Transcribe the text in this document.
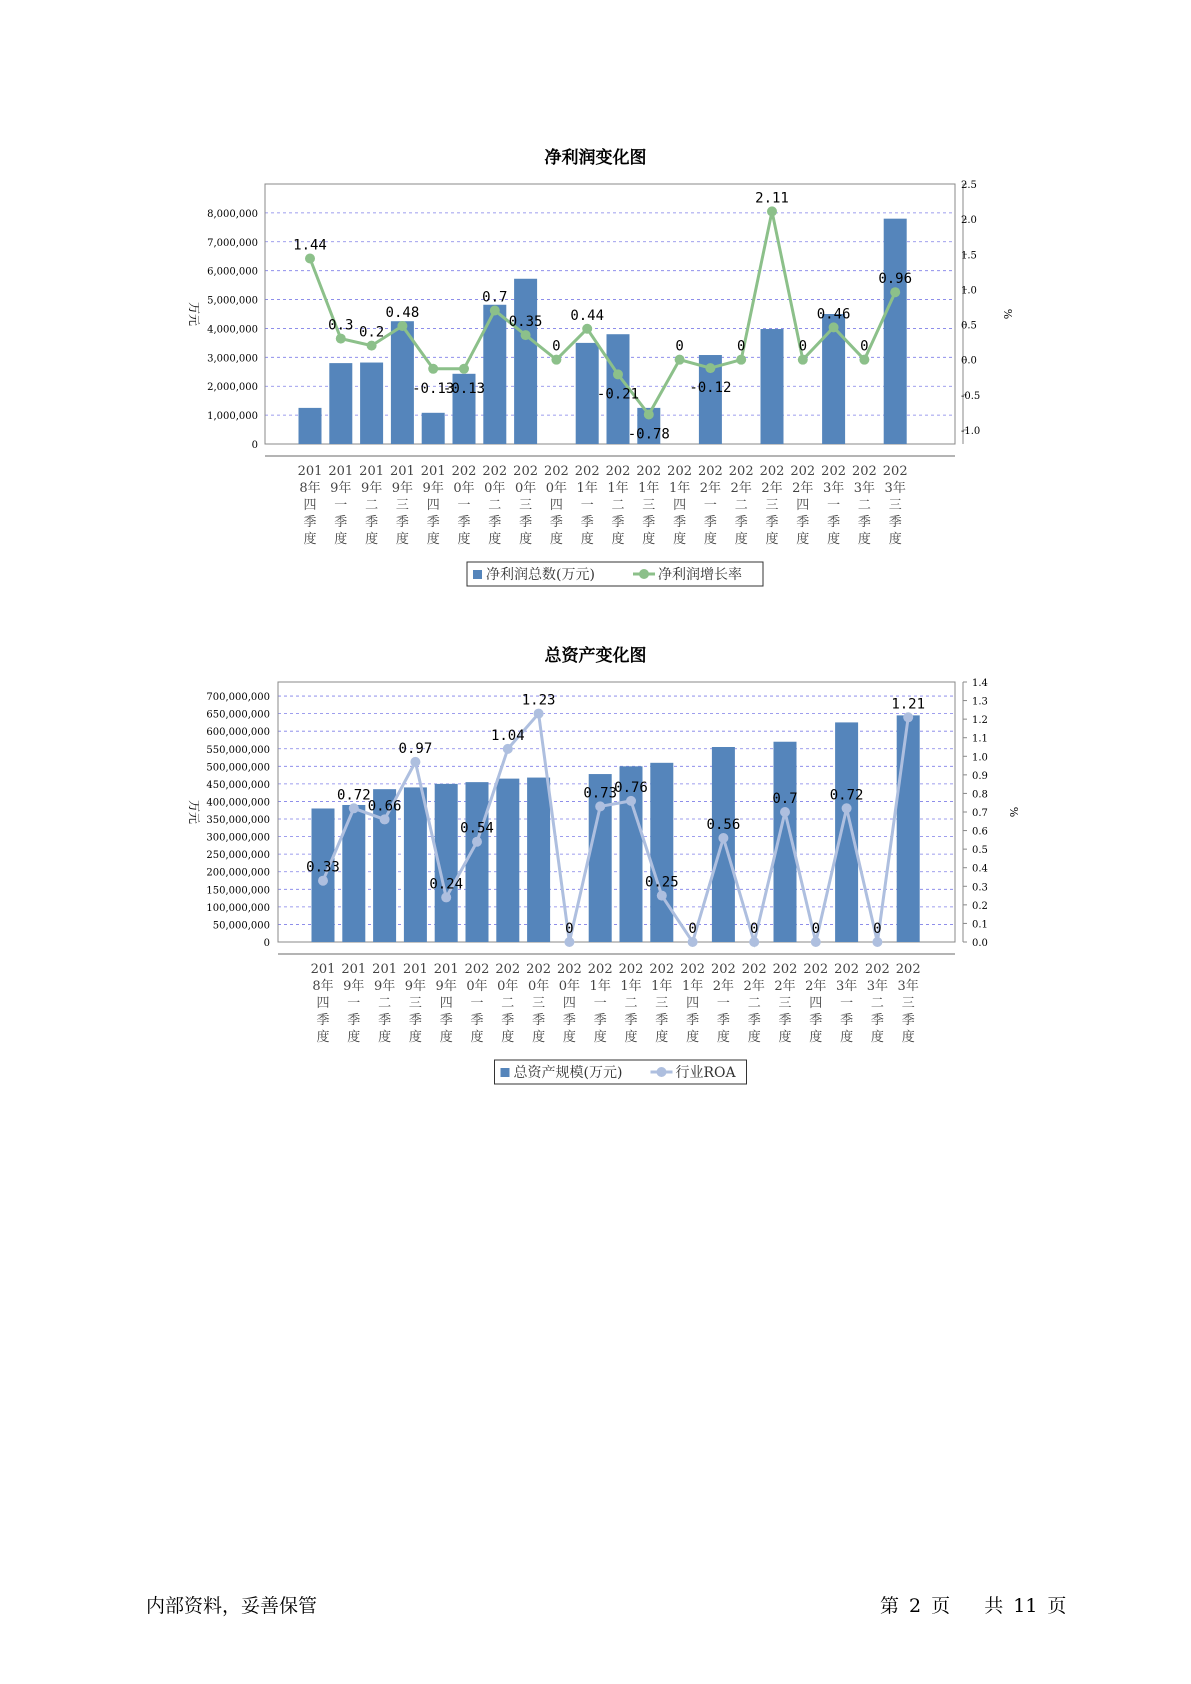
净利润变化图
0
1,000,000
2,000,000
3,000,000
4,000,000
5,000,000
6,000,000
7,000,000
8,000,000
-1.0
-0.5
0.0
0.5
1.0
1.5
2.0
2.5
万元	%
1.44
0.3 0.2
0.48
-0.13
-0.13
0.7
0.35
0
0.44
-0.21
-0.78
0
-0.12
0
2.11
0
0.46
0
0.96
201
8年
四
季
度
201
9年
一
季
度
201
9年
二
季
度
201
9年
三
季
度
201
9年
四
季
度
202
0年
一
季
度
202
0年
二
季
度
202
0年
三
季
度
202
0年
四
季
度
202
1年
一
季
度
202
1年
二
季
度
202
1年
三
季
度
202
1年
四
季
度
202
2年
一
季
度
202
2年
二
季
度
202
2年
三
季
度
202
2年
四
季
度
202
3年
一
季
度
202
3年
二
季
度
202
3年
三
季
度
净利润总数(万元)	净利润增长率
总资产变化图
0
50,000,000
100,000,000
150,000,000
200,000,000
250,000,000
300,000,000
350,000,000
400,000,000
450,000,000
500,000,000
550,000,000
600,000,000
650,000,000
700,000,000
0.0
0.1
0.2
0.3
0.4
0.5
0.6
0.7
0.8
0.9
1.0
1.1
1.2
1.3
1.4
万元	%
0.33
0.72
0.66
0.97
0.24
0.54
1.04
1.23
0
0.73
0.76
0.25
0
0.56
0
0.7
0
0.72
0
1.21
201
8年
四
季
度
201
9年
一
季
度
201
9年
二
季
度
201
9年
三
季
度
201
9年
四
季
度
202
0年
一
季
度
202
0年
二
季
度
202
0年
三
季
度
202
0年
四
季
度
202
1年
一
季
度
202
1年
二
季
度
202
1年
三
季
度
202
1年
四
季
度
202
2年
一
季
度
202
2年
二
季
度
202
2年
三
季
度
202
2年
四
季
度
202
3年
一
季
度
202
3年
二
季
度
202
3年
三
季
度
总资产规模(万元)	行业ROA
内部资料，妥善保管	第 2 页 共 11 页
